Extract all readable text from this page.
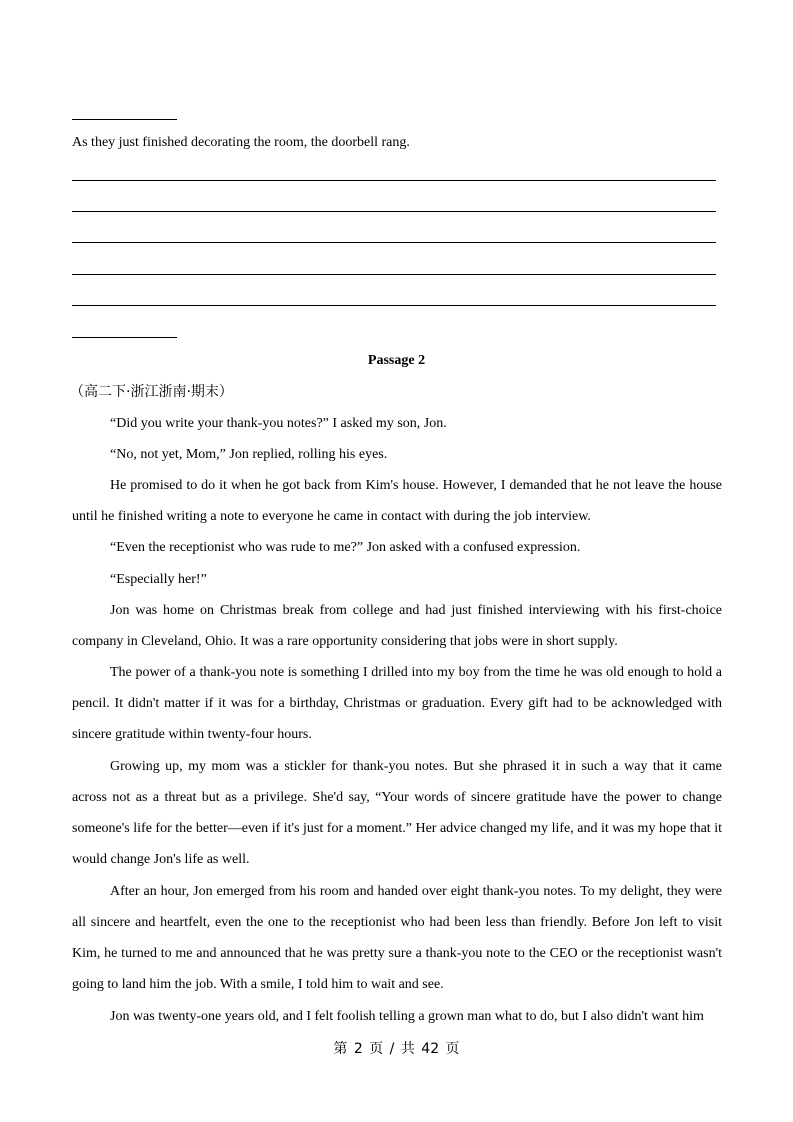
As they just finished decorating the room, the doorbell rang.
Passage 2
（高二下·浙江浙南·期末）

“Did you write your thank-you notes?” I asked my son, Jon.

“No, not yet, Mom,” Jon replied, rolling his eyes.

He promised to do it when he got back from Kim's house. However, I demanded that he not leave the house until he finished writing a note to everyone he came in contact with during the job interview.

“Even the receptionist who was rude to me?” Jon asked with a confused expression.

“Especially her!”

Jon was home on Christmas break from college and had just finished interviewing with his first-choice company in Cleveland, Ohio. It was a rare opportunity considering that jobs were in short supply.

The power of a thank-you note is something I drilled into my boy from the time he was old enough to hold a pencil. It didn't matter if it was for a birthday, Christmas or graduation. Every gift had to be acknowledged with sincere gratitude within twenty-four hours.

Growing up, my mom was a stickler for thank-you notes. But she phrased it in such a way that it came across not as a threat but as a privilege. She'd say, “Your words of sincere gratitude have the power to change someone's life for the better—even if it's just for a moment.” Her advice changed my life, and it was my hope that it would change Jon's life as well.

After an hour, Jon emerged from his room and handed over eight thank-you notes. To my delight, they were all sincere and heartfelt, even the one to the receptionist who had been less than friendly. Before Jon left to visit Kim, he turned to me and announced that he was pretty sure a thank-you note to the CEO or the receptionist wasn't going to land him the job. With a smile, I told him to wait and see.

Jon was twenty-one years old, and I felt foolish telling a grown man what to do, but I also didn't want him

第 2 页 / 共 42 页
